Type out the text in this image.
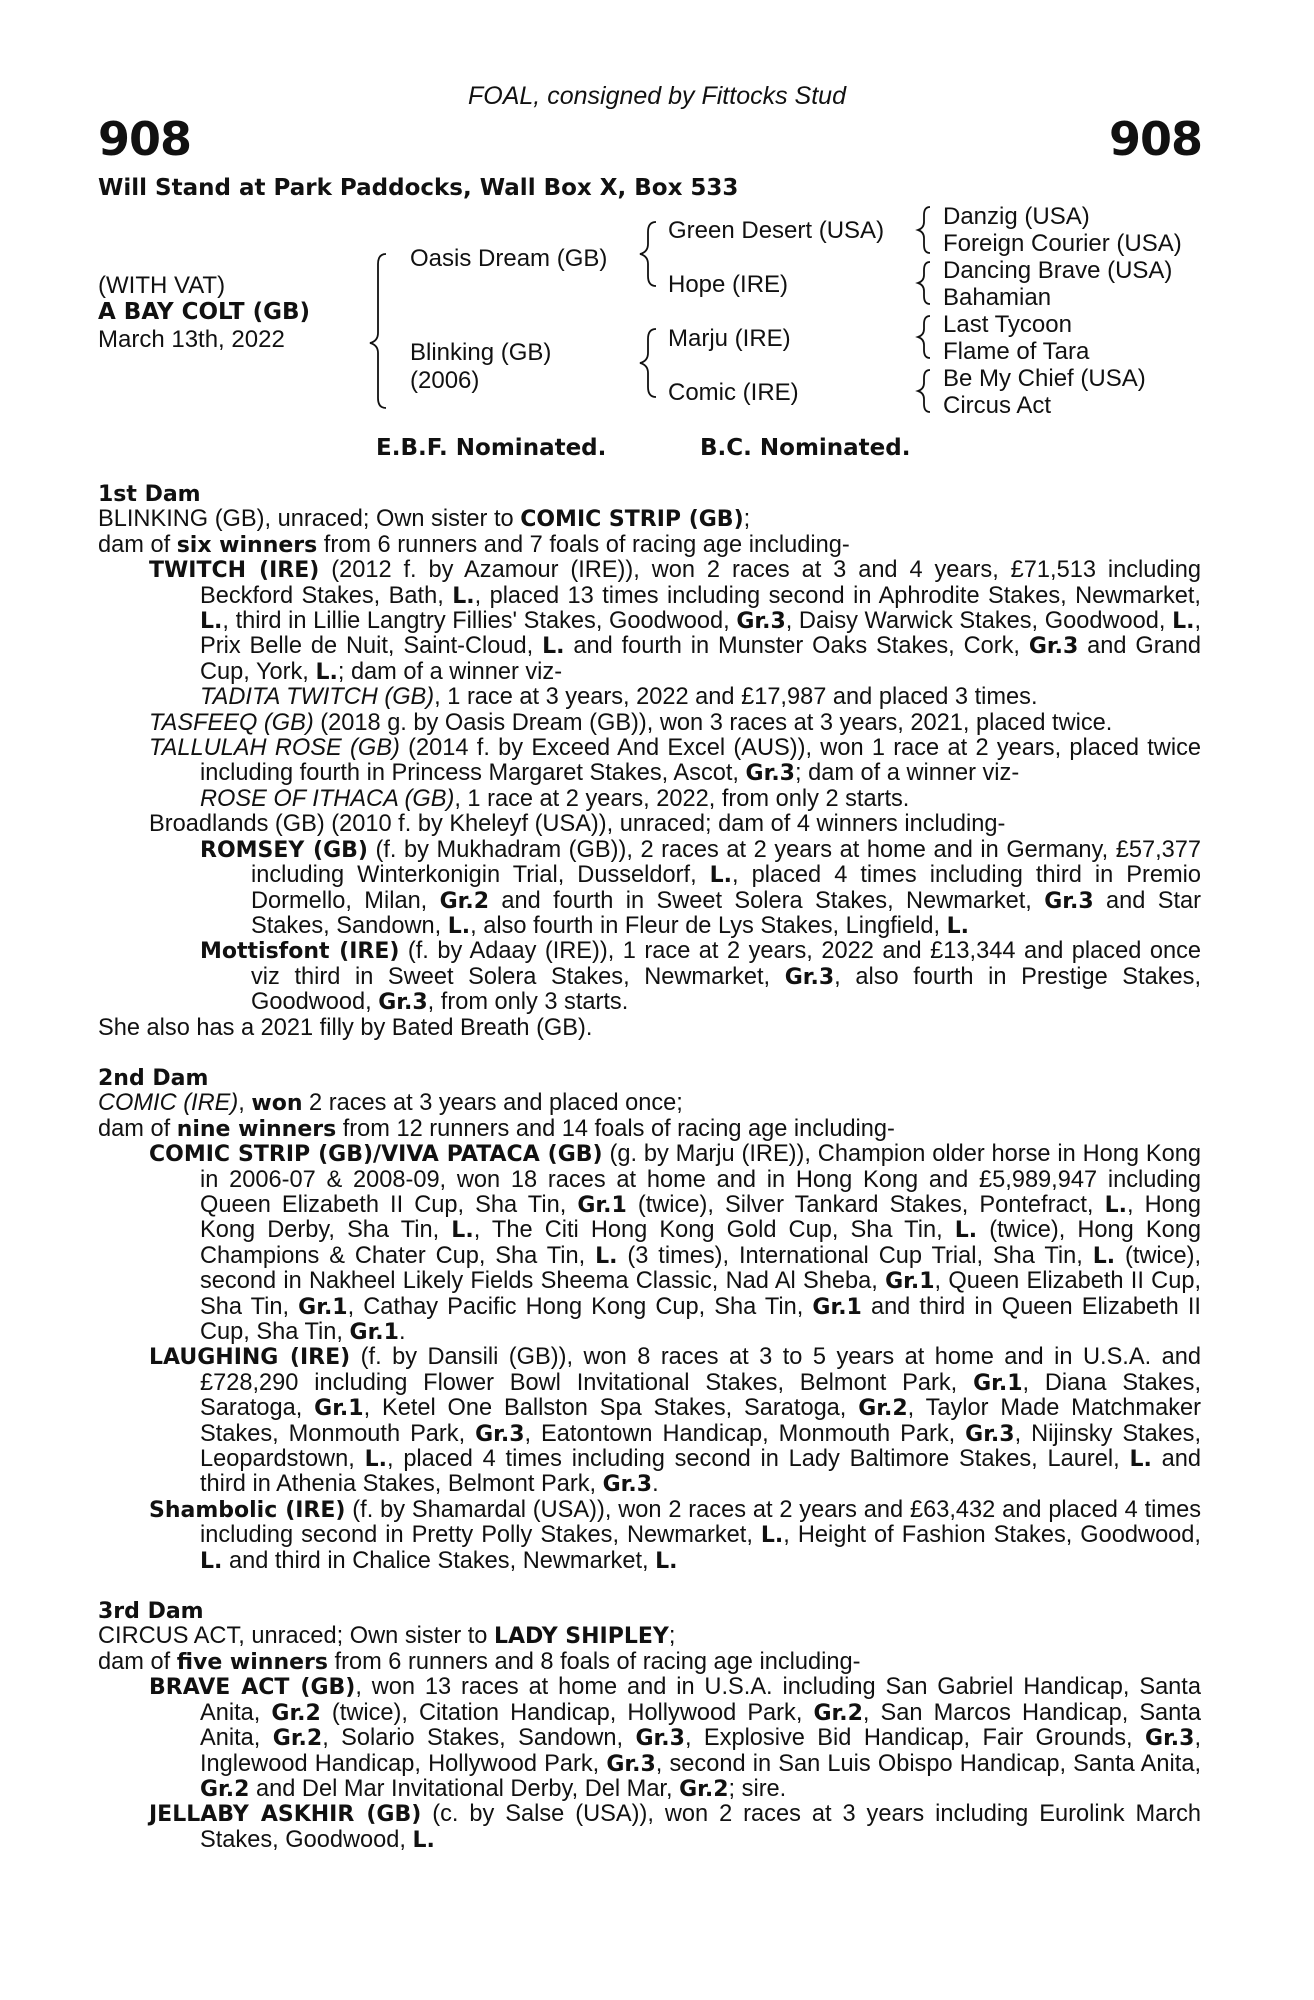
FOAL, consigned by Fittocks Stud
908	908
Will Stand at Park Paddocks, Wall Box X, Box 533
(WITH VAT)
A BAY COLT (GB)
March 13th, 2022
Oasis Dream (GB)
Blinking (GB)
(2006)
Green Desert (USA)
Hope (IRE)
Marju (IRE)
Comic (IRE)
Danzig (USA)
Foreign Courier (USA)
Dancing Brave (USA)
Bahamian
Last Tycoon
Flame of Tara
Be My Chief (USA)
Circus Act
E.B.F. Nominated.	B.C. Nominated.

1st Dam

BLINKING (GB), unraced; Own sister to COMIC STRIP (GB);

dam of six winners from 6 runners and 7 foals of racing age including-

TWITCH (IRE) (2012 f. by Azamour (IRE)), won 2 races at 3 and 4 years, £71,513 including Beckford Stakes, Bath, L., placed 13 times including second in Aphrodite Stakes, Newmarket, L., third in Lillie Langtry Fillies' Stakes, Goodwood, Gr.3, Daisy Warwick Stakes, Goodwood, L., Prix Belle de Nuit, Saint-Cloud, L. and fourth in Munster Oaks Stakes, Cork, Gr.3 and Grand Cup, York, L.; dam of a winner viz-

TADITA TWITCH (GB), 1 race at 3 years, 2022 and £17,987 and placed 3 times.

TASFEEQ (GB) (2018 g. by Oasis Dream (GB)), won 3 races at 3 years, 2021, placed twice.

TALLULAH ROSE (GB) (2014 f. by Exceed And Excel (AUS)), won 1 race at 2 years, placed twice including fourth in Princess Margaret Stakes, Ascot, Gr.3; dam of a winner viz-

ROSE OF ITHACA (GB), 1 race at 2 years, 2022, from only 2 starts.

Broadlands (GB) (2010 f. by Kheleyf (USA)), unraced; dam of 4 winners including-

ROMSEY (GB) (f. by Mukhadram (GB)), 2 races at 2 years at home and in Germany, £57,377 including Winterkonigin Trial, Dusseldorf, L., placed 4 times including third in Premio Dormello, Milan, Gr.2 and fourth in Sweet Solera Stakes, Newmarket, Gr.3 and Star Stakes, Sandown, L., also fourth in Fleur de Lys Stakes, Lingfield, L.

Mottisfont (IRE) (f. by Adaay (IRE)), 1 race at 2 years, 2022 and £13,344 and placed once viz third in Sweet Solera Stakes, Newmarket, Gr.3, also fourth in Prestige Stakes, Goodwood, Gr.3, from only 3 starts.

She also has a 2021 filly by Bated Breath (GB).

2nd Dam

COMIC (IRE), won 2 races at 3 years and placed once;

dam of nine winners from 12 runners and 14 foals of racing age including-

COMIC STRIP (GB)/VIVA PATACA (GB) (g. by Marju (IRE)), Champion older horse in Hong Kong in 2006-07 & 2008-09, won 18 races at home and in Hong Kong and £5,989,947 including Queen Elizabeth II Cup, Sha Tin, Gr.1 (twice), Silver Tankard Stakes, Pontefract, L., Hong Kong Derby, Sha Tin, L., The Citi Hong Kong Gold Cup, Sha Tin, L. (twice), Hong Kong Champions & Chater Cup, Sha Tin, L. (3 times), International Cup Trial, Sha Tin, L. (twice), second in Nakheel Likely Fields Sheema Classic, Nad Al Sheba, Gr.1, Queen Elizabeth II Cup, Sha Tin, Gr.1, Cathay Pacific Hong Kong Cup, Sha Tin, Gr.1 and third in Queen Elizabeth II Cup, Sha Tin, Gr.1.

LAUGHING (IRE) (f. by Dansili (GB)), won 8 races at 3 to 5 years at home and in U.S.A. and £728,290 including Flower Bowl Invitational Stakes, Belmont Park, Gr.1, Diana Stakes, Saratoga, Gr.1, Ketel One Ballston Spa Stakes, Saratoga, Gr.2, Taylor Made Matchmaker Stakes, Monmouth Park, Gr.3, Eatontown Handicap, Monmouth Park, Gr.3, Nijinsky Stakes, Leopardstown, L., placed 4 times including second in Lady Baltimore Stakes, Laurel, L. and third in Athenia Stakes, Belmont Park, Gr.3.

Shambolic (IRE) (f. by Shamardal (USA)), won 2 races at 2 years and £63,432 and placed 4 times including second in Pretty Polly Stakes, Newmarket, L., Height of Fashion Stakes, Goodwood, L. and third in Chalice Stakes, Newmarket, L.

3rd Dam

CIRCUS ACT, unraced; Own sister to LADY SHIPLEY;

dam of five winners from 6 runners and 8 foals of racing age including-

BRAVE ACT (GB), won 13 races at home and in U.S.A. including San Gabriel Handicap, Santa Anita, Gr.2 (twice), Citation Handicap, Hollywood Park, Gr.2, San Marcos Handicap, Santa Anita, Gr.2, Solario Stakes, Sandown, Gr.3, Explosive Bid Handicap, Fair Grounds, Gr.3, Inglewood Handicap, Hollywood Park, Gr.3, second in San Luis Obispo Handicap, Santa Anita, Gr.2 and Del Mar Invitational Derby, Del Mar, Gr.2; sire.

JELLABY ASKHIR (GB) (c. by Salse (USA)), won 2 races at 3 years including Eurolink March Stakes, Goodwood, L.
